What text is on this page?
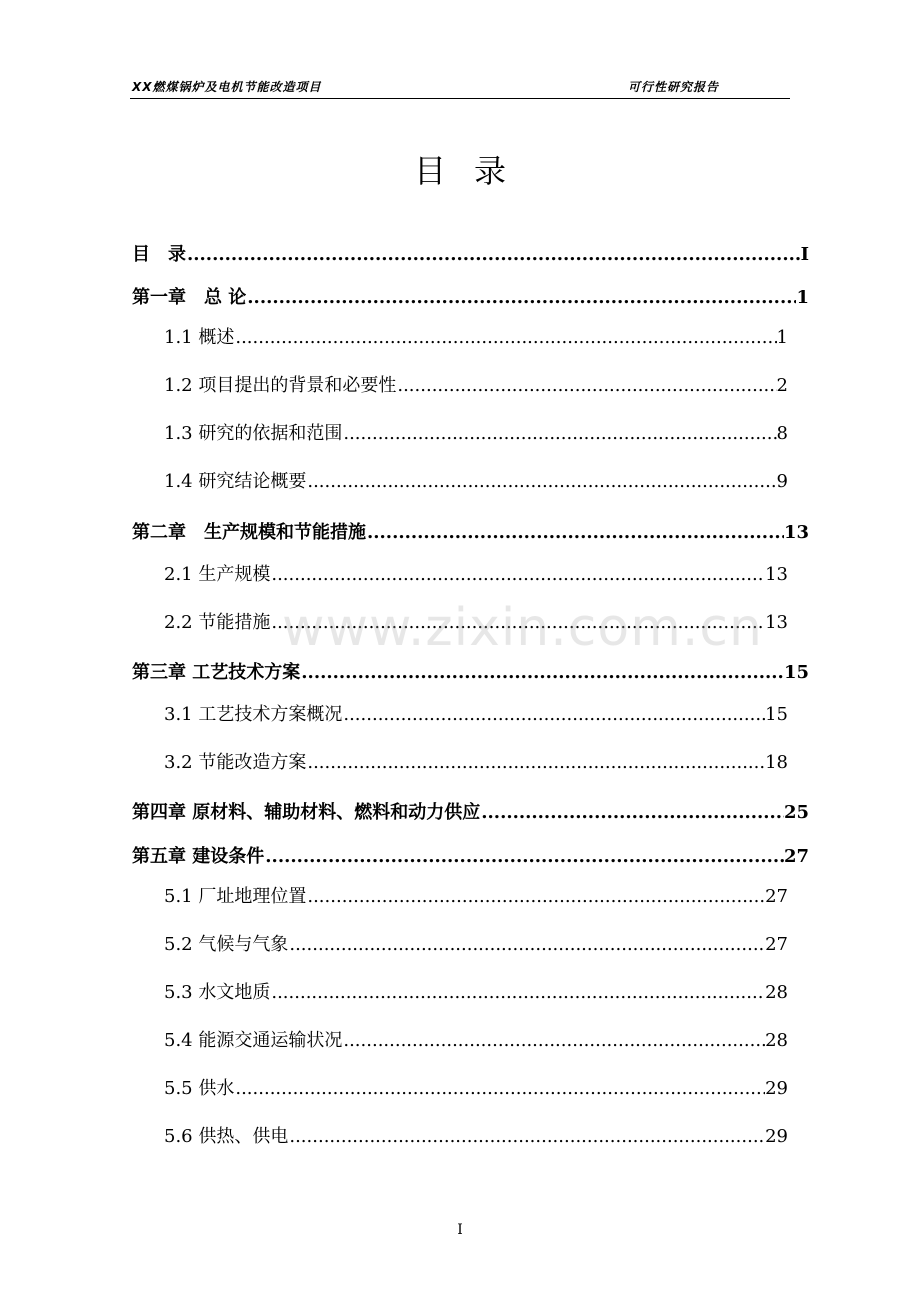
XX燃煤锅炉及电机节能改造项目	可行性研究报告
目录
目　录 .....	I
第一章　总 论 .....	1
1.1 概述 .....	1
1.2 项目提出的背景和必要性 .....	2
1.3 研究的依据和范围 .....	8
1.4 研究结论概要 .....	9
第二章　生产规模和节能措施 .....	13
2.1 生产规模 .....	13
2.2 节能措施 .....	13
第三章 工艺技术方案 .....	15
3.1 工艺技术方案概况 .....	15
3.2 节能改造方案 .....	18
第四章 原材料、辅助材料、燃料和动力供应 .....	25
第五章 建设条件 .....	27
5.1 厂址地理位置 .....	27
5.2 气候与气象 .....	27
5.3 水文地质 .....	28
5.4 能源交通运输状况 .....	28
5.5 供水 .....	29
5.6 供热、供电 .....	29
www.zixin.com.cn
I
